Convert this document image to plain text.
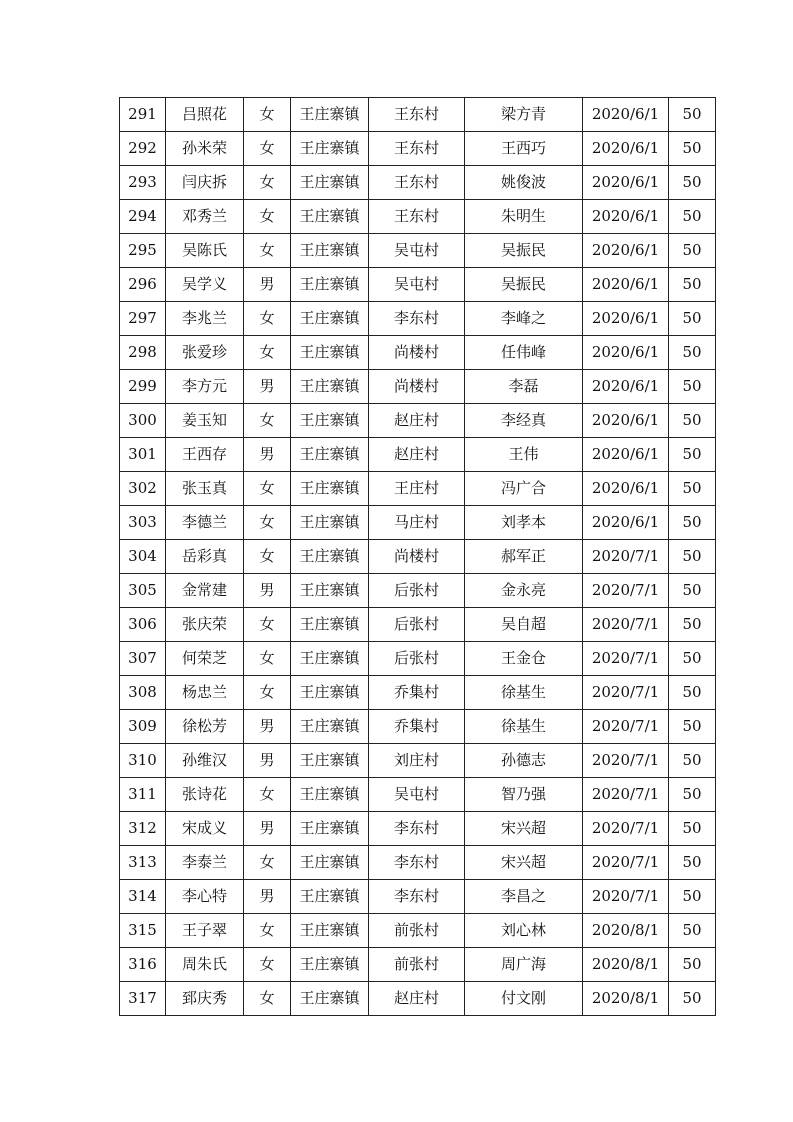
291	吕照花	女	王庄寨镇	王东村	梁方青	2020/6/1	50
292	孙米荣	女	王庄寨镇	王东村	王西巧	2020/6/1	50
293	闫庆拆	女	王庄寨镇	王东村	姚俊波	2020/6/1	50
294	邓秀兰	女	王庄寨镇	王东村	朱明生	2020/6/1	50
295	吴陈氏	女	王庄寨镇	吴屯村	吴振民	2020/6/1	50
296	吴学义	男	王庄寨镇	吴屯村	吴振民	2020/6/1	50
297	李兆兰	女	王庄寨镇	李东村	李峰之	2020/6/1	50
298	张爱珍	女	王庄寨镇	尚楼村	任伟峰	2020/6/1	50
299	李方元	男	王庄寨镇	尚楼村	李磊	2020/6/1	50
300	姜玉知	女	王庄寨镇	赵庄村	李经真	2020/6/1	50
301	王西存	男	王庄寨镇	赵庄村	王伟	2020/6/1	50
302	张玉真	女	王庄寨镇	王庄村	冯广合	2020/6/1	50
303	李德兰	女	王庄寨镇	马庄村	刘孝本	2020/6/1	50
304	岳彩真	女	王庄寨镇	尚楼村	郝军正	2020/7/1	50
305	金常建	男	王庄寨镇	后张村	金永亮	2020/7/1	50
306	张庆荣	女	王庄寨镇	后张村	吴自超	2020/7/1	50
307	何荣芝	女	王庄寨镇	后张村	王金仓	2020/7/1	50
308	杨忠兰	女	王庄寨镇	乔集村	徐基生	2020/7/1	50
309	徐松芳	男	王庄寨镇	乔集村	徐基生	2020/7/1	50
310	孙维汉	男	王庄寨镇	刘庄村	孙德志	2020/7/1	50
311	张诗花	女	王庄寨镇	吴屯村	智乃强	2020/7/1	50
312	宋成义	男	王庄寨镇	李东村	宋兴超	2020/7/1	50
313	李泰兰	女	王庄寨镇	李东村	宋兴超	2020/7/1	50
314	李心特	男	王庄寨镇	李东村	李昌之	2020/7/1	50
315	王子翠	女	王庄寨镇	前张村	刘心林	2020/8/1	50
316	周朱氏	女	王庄寨镇	前张村	周广海	2020/8/1	50
317	郅庆秀	女	王庄寨镇	赵庄村	付文刚	2020/8/1	50
